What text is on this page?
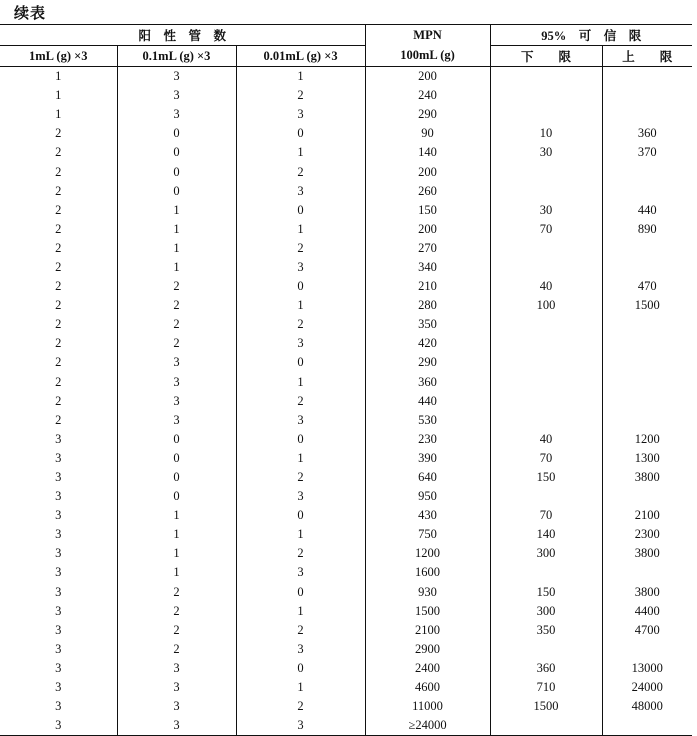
续表
阳　性　管　数			MPN	95%　可　信　限	
1mL (g) ×3	0.1mL (g) ×3	0.01mL (g) ×3	100mL (g)	下　　限	上　　限
1	3	1	200		
1	3	2	240		
1	3	3	290		
2	0	0	90	10	360
2	0	1	140	30	370
2	0	2	200		
2	0	3	260		
2	1	0	150	30	440
2	1	1	200	70	890
2	1	2	270		
2	1	3	340		
2	2	0	210	40	470
2	2	1	280	100	1500
2	2	2	350		
2	2	3	420		
2	3	0	290		
2	3	1	360		
2	3	2	440		
2	3	3	530		
3	0	0	230	40	1200
3	0	1	390	70	1300
3	0	2	640	150	3800
3	0	3	950		
3	1	0	430	70	2100
3	1	1	750	140	2300
3	1	2	1200	300	3800
3	1	3	1600		
3	2	0	930	150	3800
3	2	1	1500	300	4400
3	2	2	2100	350	4700
3	2	3	2900		
3	3	0	2400	360	13000
3	3	1	4600	710	24000
3	3	2	11000	1500	48000
3	3	3	≥24000		
